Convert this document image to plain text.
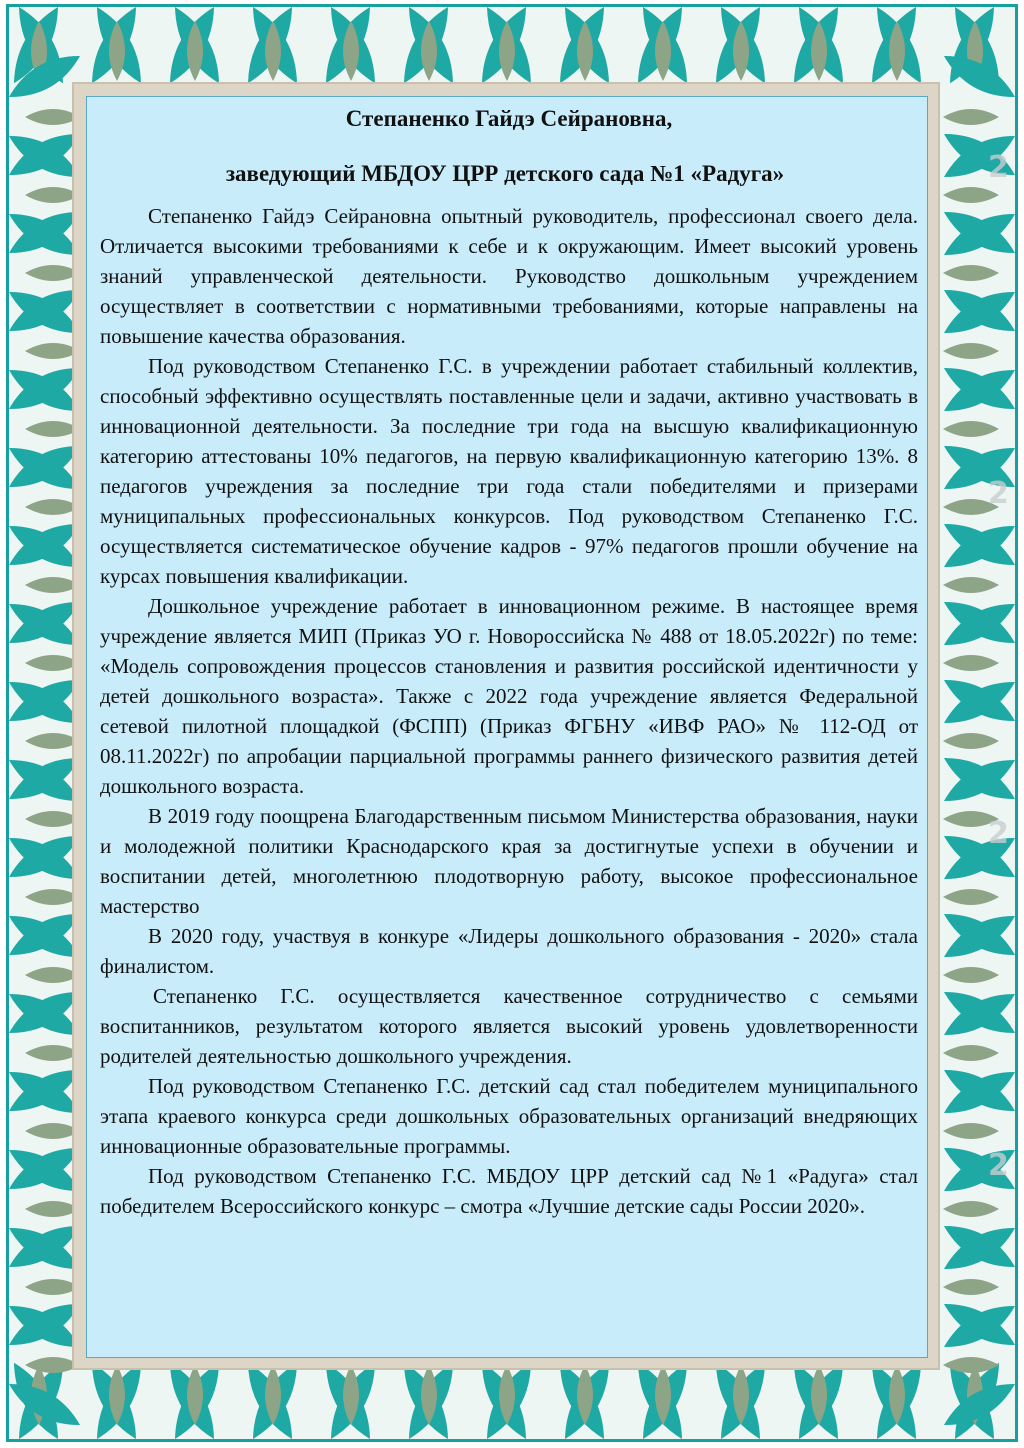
2
2
2
2
Степаненко Гайдэ Сейрановна,
заведующий МБДОУ ЦРР детского сада №1 «Радуга»

Степаненко Гайдэ Сейрановна опытный руководитель, профессионал своего дела. Отличается высокими требованиями к себе и к окружающим. Имеет высокий уровень знаний управленческой деятельности. Руководство дошкольным учреждением осуществляет в соответствии с нормативными требованиями, которые направлены на повышение качества образования.

Под руководством Степаненко Г.С. в учреждении работает стабильный коллектив, способный эффективно осуществлять поставленные цели и задачи, активно участвовать в инновационной деятельности. За последние три года на высшую квалификационную категорию аттестованы 10% педагогов, на первую квалификационную категорию 13%. 8 педагогов учреждения за последние три года стали победителями и призерами муниципальных профессиональных конкурсов. Под руководством Степаненко Г.С. осуществляется систематическое обучение кадров - 97% педагогов прошли обучение на курсах повышения квалификации.

Дошкольное учреждение работает в инновационном режиме. В настоящее время учреждение является МИП (Приказ УО г. Новороссийска № 488 от 18.05.2022г) по теме: «Модель сопровождения процессов становления и развития российской идентичности у детей дошкольного возраста». Также с 2022 года учреждение является Федеральной сетевой пилотной площадкой (ФСПП) (Приказ ФГБНУ «ИВФ РАО» № 112-ОД от 08.11.2022г) по апробации парциальной программы раннего физического развития детей дошкольного возраста.

В 2019 году поощрена Благодарственным письмом Министерства образования, науки и молодежной политики Краснодарского края за достигнутые успехи в обучении и воспитании детей, многолетнюю плодотворную работу, высокое профессиональное мастерство

В 2020 году, участвуя в конкуре «Лидеры дошкольного образования - 2020» стала финалистом.

Степаненко Г.С. осуществляется качественное сотрудничество с семьями воспитанников, результатом которого является высокий уровень удовлетворенности родителей деятельностью дошкольного учреждения.

Под руководством Степаненко Г.С. детский сад стал победителем муниципального этапа краевого конкурса среди дошкольных образовательных организаций внедряющих инновационные образовательные программы.

Под руководством Степаненко Г.С. МБДОУ ЦРР детский сад №1 «Радуга» стал победителем Всероссийского конкурс – смотра «Лучшие детские сады России 2020».
